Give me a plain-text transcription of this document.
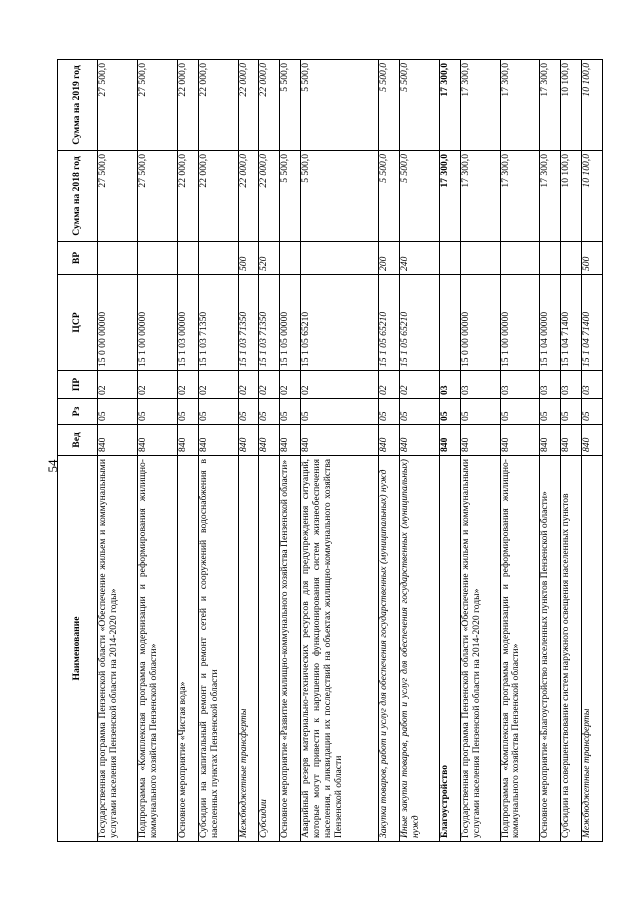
54
Наименование	Вед	Рз	ПР	ЦСР	ВР	Сумма на 2018 год	Сумма на 2019 год
Государственная программа Пензенской области «Обеспечение жильем и коммунальными услугами населения Пензенской области на 2014-2020 годы»	840	05	02	15 0 00 00000		27 500,0	27 500,0
Подпрограмма «Комплексная программа модернизации и реформирования жилищно-коммунального хозяйства Пензенской области»	840	05	02	15 1 00 00000		27 500,0	27 500,0
Основное мероприятие «Чистая вода»	840	05	02	15 1 03 00000		22 000,0	22 000,0
Субсидии на капитальный ремонт и ремонт сетей и сооружений водоснабжения в населенных пунктах Пензенской области	840	05	02	15 1 03 71350		22 000,0	22 000,0
Межбюджетные трансферты	840	05	02	15 1 03 71350	500	22 000,0	22 000,0
Субсидии	840	05	02	15 1 03 71350	520	22 000,0	22 000,0
Основное мероприятие «Развитие жилищно-коммунального хозяйства Пензенской области»	840	05	02	15 1 05 00000		5 500,0	5 500,0
Аварийный резерв материально-технических ресурсов для предупреждения ситуаций, которые могут привести к нарушению функционирования систем жизнеобеспечения населения, и ликвидации их последствий на объектах жилищно-коммунального хозяйства Пензенской области	840	05	02	15 1 05 65210		5 500,0	5 500,0
Закупка товаров, работ и услуг для обеспечения государственных (муниципальных) нужд	840	05	02	15 1 05 65210	200	5 500,0	5 500,0
Иные закупки товаров, работ и услуг для обеспечения государственных (муниципальных) нужд	840	05	02	15 1 05 65210	240	5 500,0	5 500,0
Благоустройство	840	05	03			17 300,0	17 300,0
Государственная программа Пензенской области «Обеспечение жильем и коммунальными услугами населения Пензенской области на 2014-2020 годы»	840	05	03	15 0 00 00000		17 300,0	17 300,0
Подпрограмма «Комплексная программа модернизации и реформирования жилищно-коммунального хозяйства Пензенской области»	840	05	03	15 1 00 00000		17 300,0	17 300,0
Основное мероприятие «Благоустройство населенных пунктов Пензенской области»	840	05	03	15 1 04 00000		17 300,0	17 300,0
Субсидии на совершенствование систем наружного освещения населенных пунктов	840	05	03	15 1 04 71400		10 100,0	10 100,0
Межбюджетные трансферты	840	05	03	15 1 04 71400	500	10 100,0	10 100,0
